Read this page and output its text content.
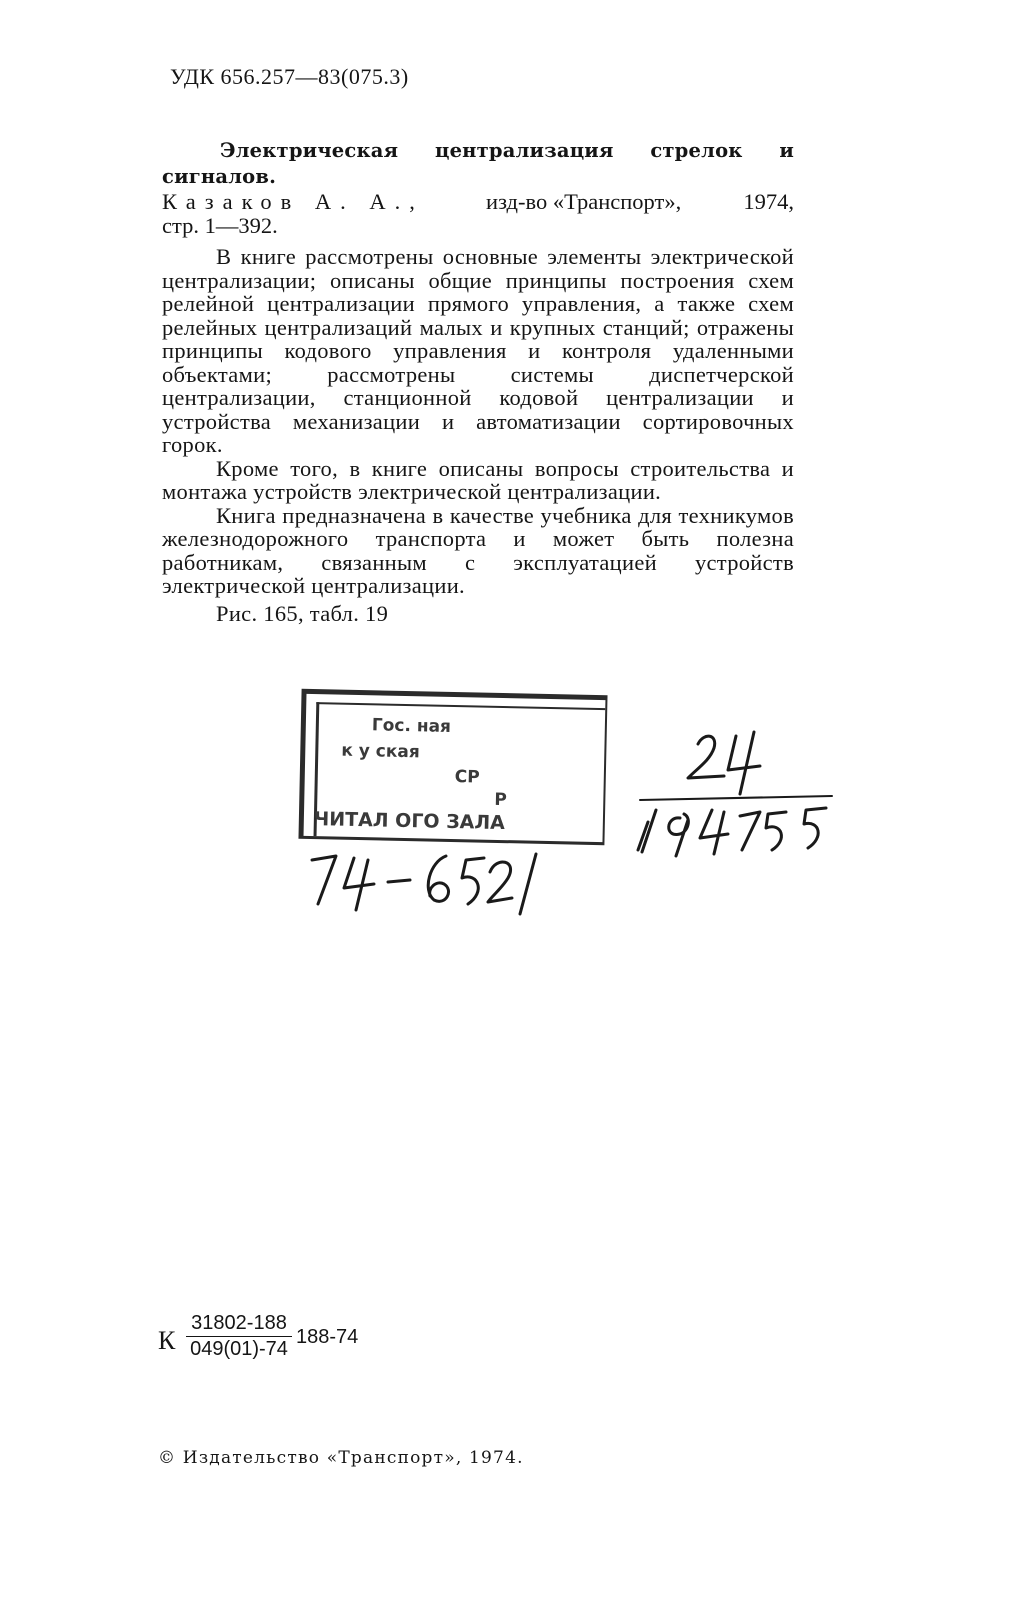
УДК 656.257—83(075.3)
Электрическая централизация стрелок и сигналов.
Казаков А. А.,	изд-во «Транспорт»,	1974,
стр. 1—392.

В книге рассмотрены основные элементы электрической централизации; описаны общие принципы построения схем релейной централизации прямого управления, а также схем релейных централизаций малых и крупных станций; отражены принципы кодового управления и контроля удаленными объектами; рассмотрены системы диспетчерской централизации, станционной кодовой централизации и устройства механизации и автоматизации сортировочных горок.

Кроме того, в книге описаны вопросы строительства и монтажа устройств электрической централизации.

Книга предназначена в качестве учебника для техникумов железнодорожного транспорта и может быть полезна работникам, связанным с эксплуатацией устройств электрической централизации.

Рис. 165, табл. 19

Гос. ная
к у ская
СР
Р
ЧИТАЛ ОГО ЗАЛА
К $\frac{31802-188}{049(01)-74} 188-74$
© Издательство «Транспорт», 1974.
